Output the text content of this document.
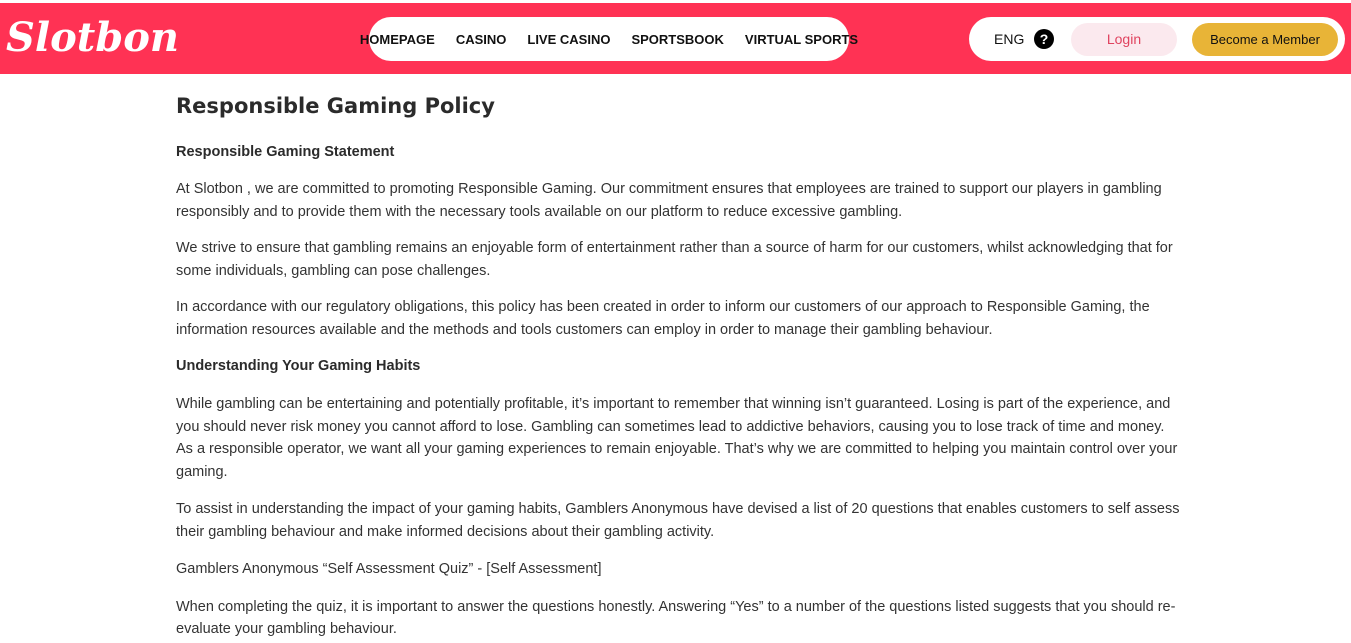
Slotbon	HOMEPAGE CASINO LIVE CASINO SPORTSBOOK VIRTUAL SPORTS	ENG	?	Login	Become a Member
Responsible Gaming Policy

Responsible Gaming Statement

At Slotbon , we are committed to promoting Responsible Gaming. Our commitment ensures that employees are trained to support our players in gambling responsibly and to provide them with the necessary tools available on our platform to reduce excessive gambling.

We strive to ensure that gambling remains an enjoyable form of entertainment rather than a source of harm for our customers, whilst acknowledging that for some individuals, gambling can pose challenges.

In accordance with our regulatory obligations, this policy has been created in order to inform our customers of our approach to Responsible Gaming, the information resources available and the methods and tools customers can employ in order to manage their gambling behaviour.

Understanding Your Gaming Habits

While gambling can be entertaining and potentially profitable, it’s important to remember that winning isn’t guaranteed. Losing is part of the experience, and you should never risk money you cannot afford to lose. Gambling can sometimes lead to addictive behaviors, causing you to lose track of time and money. As a responsible operator, we want all your gaming experiences to remain enjoyable. That’s why we are committed to helping you maintain control over your gaming.

To assist in understanding the impact of your gaming habits, Gamblers Anonymous have devised a list of 20 questions that enables customers to self assess their gambling behaviour and make informed decisions about their gambling activity.

Gamblers Anonymous “Self Assessment Quiz” - [Self Assessment]

When completing the quiz, it is important to answer the questions honestly. Answering “Yes” to a number of the questions listed suggests that you should re-evaluate your gambling behaviour.
